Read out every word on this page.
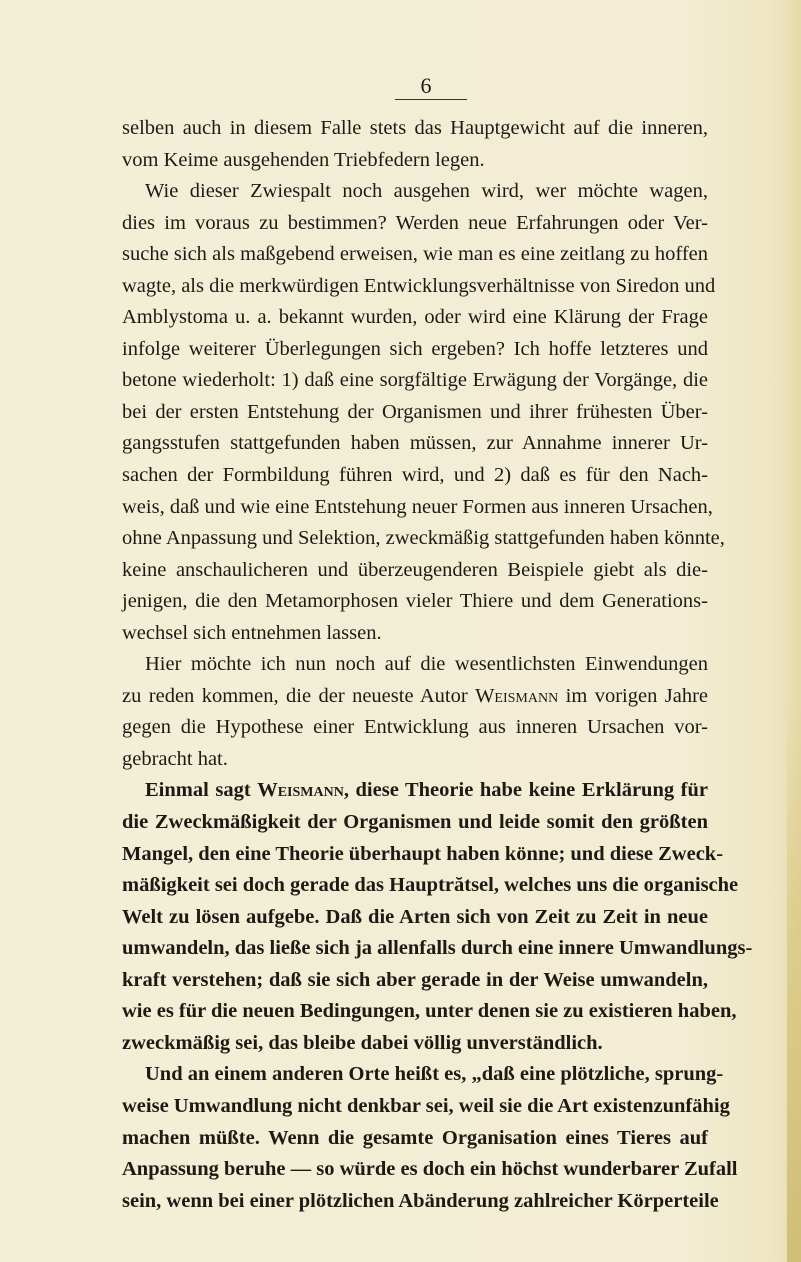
6
selben auch in diesem Falle stets das Hauptgewicht auf die inneren,
vom Keime ausgehenden Triebfedern legen.
Wie dieser Zwiespalt noch ausgehen wird, wer möchte wagen,
dies im voraus zu bestimmen? Werden neue Erfahrungen oder Ver-
suche sich als maßgebend erweisen, wie man es eine zeitlang zu hoffen
wagte, als die merkwürdigen Entwicklungsverhältnisse von Siredon und
Amblystoma u. a. bekannt wurden, oder wird eine Klärung der Frage
infolge weiterer Überlegungen sich ergeben? Ich hoffe letzteres und
betone wiederholt: 1) daß eine sorgfältige Erwägung der Vorgänge, die
bei der ersten Entstehung der Organismen und ihrer frühesten Über-
gangsstufen stattgefunden haben müssen, zur Annahme innerer Ur-
sachen der Formbildung führen wird, und 2) daß es für den Nach-
weis, daß und wie eine Entstehung neuer Formen aus inneren Ursachen,
ohne Anpassung und Selektion, zweckmäßig stattgefunden haben könnte,
keine anschaulicheren und überzeugenderen Beispiele giebt als die-
jenigen, die den Metamorphosen vieler Thiere und dem Generations-
wechsel sich entnehmen lassen.
Hier möchte ich nun noch auf die wesentlichsten Einwendungen
zu reden kommen, die der neueste Autor Weismann im vorigen Jahre
gegen die Hypothese einer Entwicklung aus inneren Ursachen vor-
gebracht hat.
Einmal sagt Weismann, diese Theorie habe keine Erklärung für
die Zweckmäßigkeit der Organismen und leide somit den größten
Mangel, den eine Theorie überhaupt haben könne; und diese Zweck-
mäßigkeit sei doch gerade das Hauptrătsel, welches uns die organische
Welt zu lösen aufgebe. Daß die Arten sich von Zeit zu Zeit in neue
umwandeln, das ließe sich ja allenfalls durch eine innere Umwandlungs-
kraft verstehen; daß sie sich aber gerade in der Weise umwandeln,
wie es für die neuen Bedingungen, unter denen sie zu existieren haben,
zweckmäßig sei, das bleibe dabei völlig unverständlich.
Und an einem anderen Orte heißt es, „daß eine plötzliche, sprung-
weise Umwandlung nicht denkbar sei, weil sie die Art existenzunfähig
machen müßte. Wenn die gesamte Organisation eines Tieres auf
Anpassung beruhe — so würde es doch ein höchst wunderbarer Zufall
sein, wenn bei einer plötzlichen Abänderung zahlreicher Körperteile
